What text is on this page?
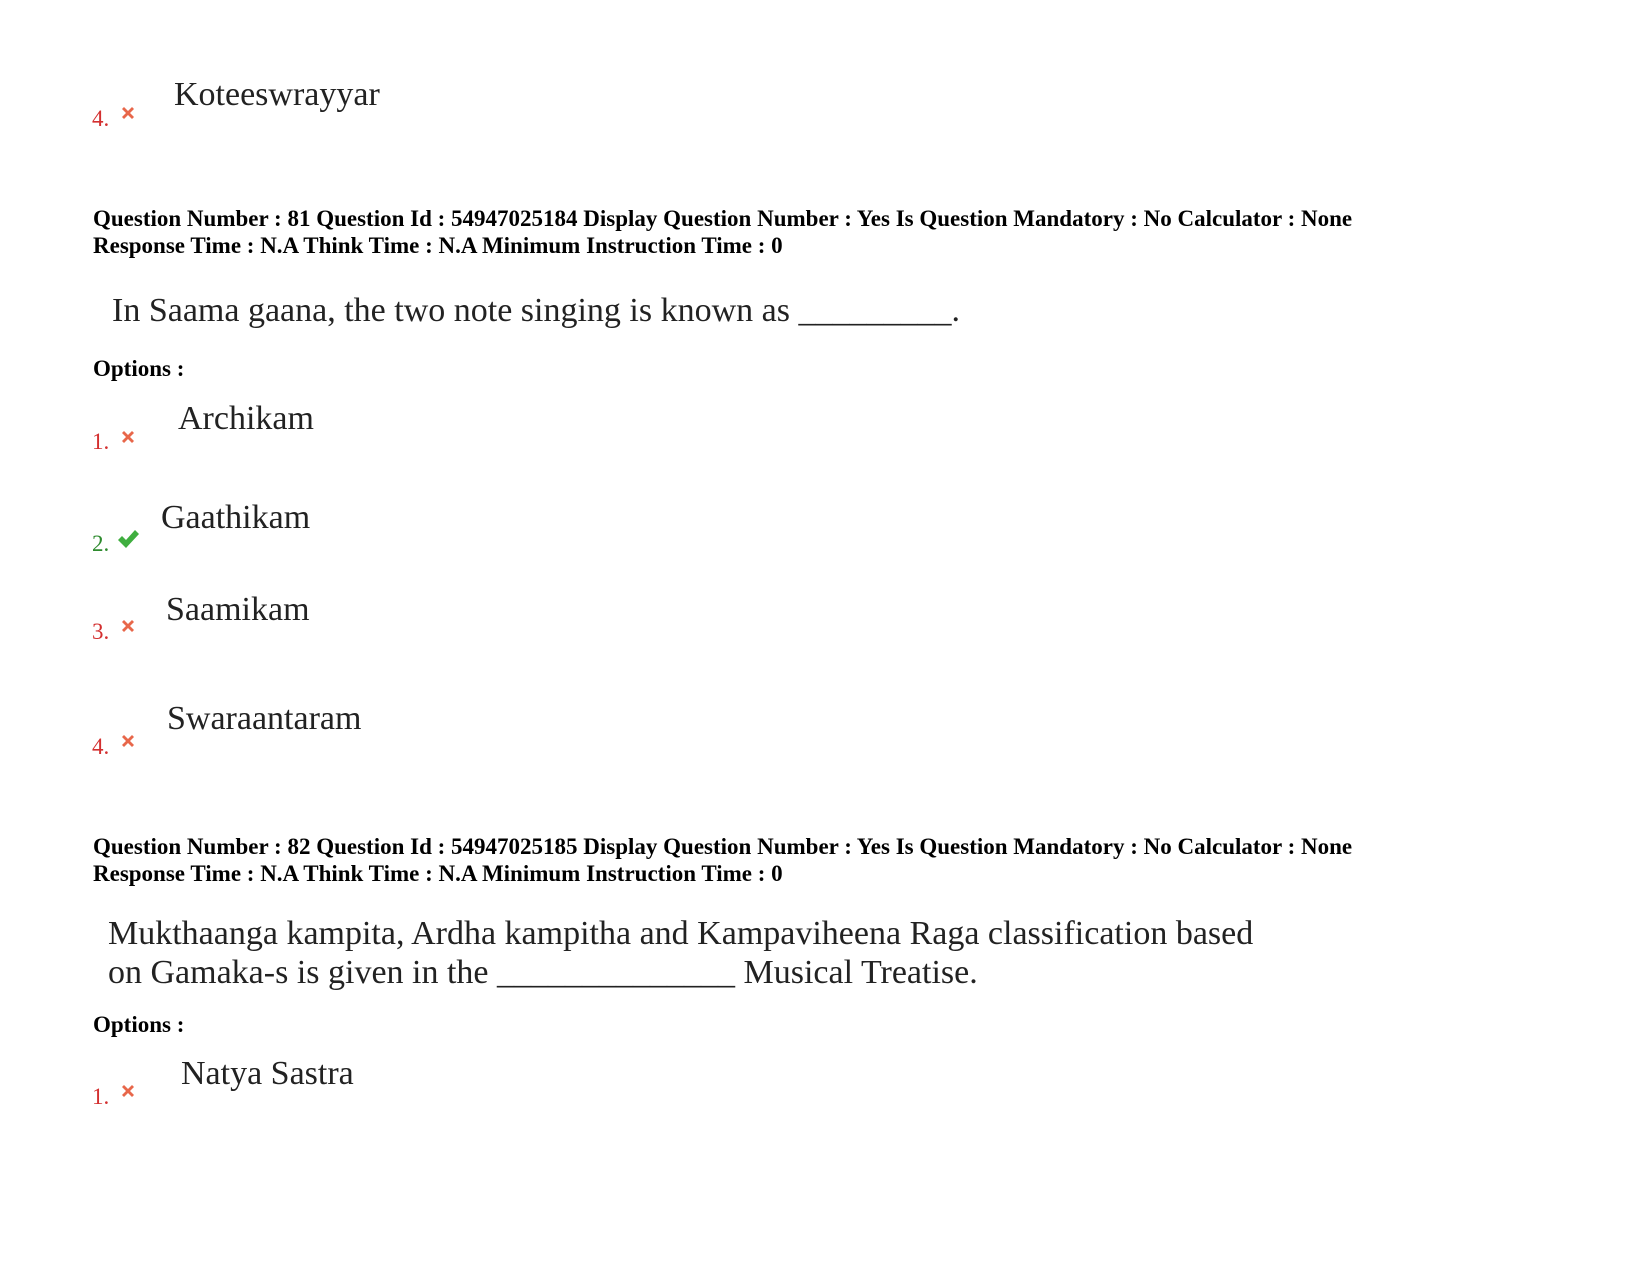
4.
Koteeswrayyar
Question Number : 81 Question Id : 54947025184 Display Question Number : Yes Is Question Mandatory : No Calculator : None
Response Time : N.A Think Time : N.A Minimum Instruction Time : 0
In Saama gaana, the two note singing is known as _________.
Options :
1.
Archikam
2.
Gaathikam
3.
Saamikam
4.
Swaraantaram
Question Number : 82 Question Id : 54947025185 Display Question Number : Yes Is Question Mandatory : No Calculator : None
Response Time : N.A Think Time : N.A Minimum Instruction Time : 0
Mukthaanga kampita, Ardha kampitha and Kampaviheena Raga classification based
on Gamaka-s is given in the ______________ Musical Treatise.
Options :
1.
Natya Sastra
